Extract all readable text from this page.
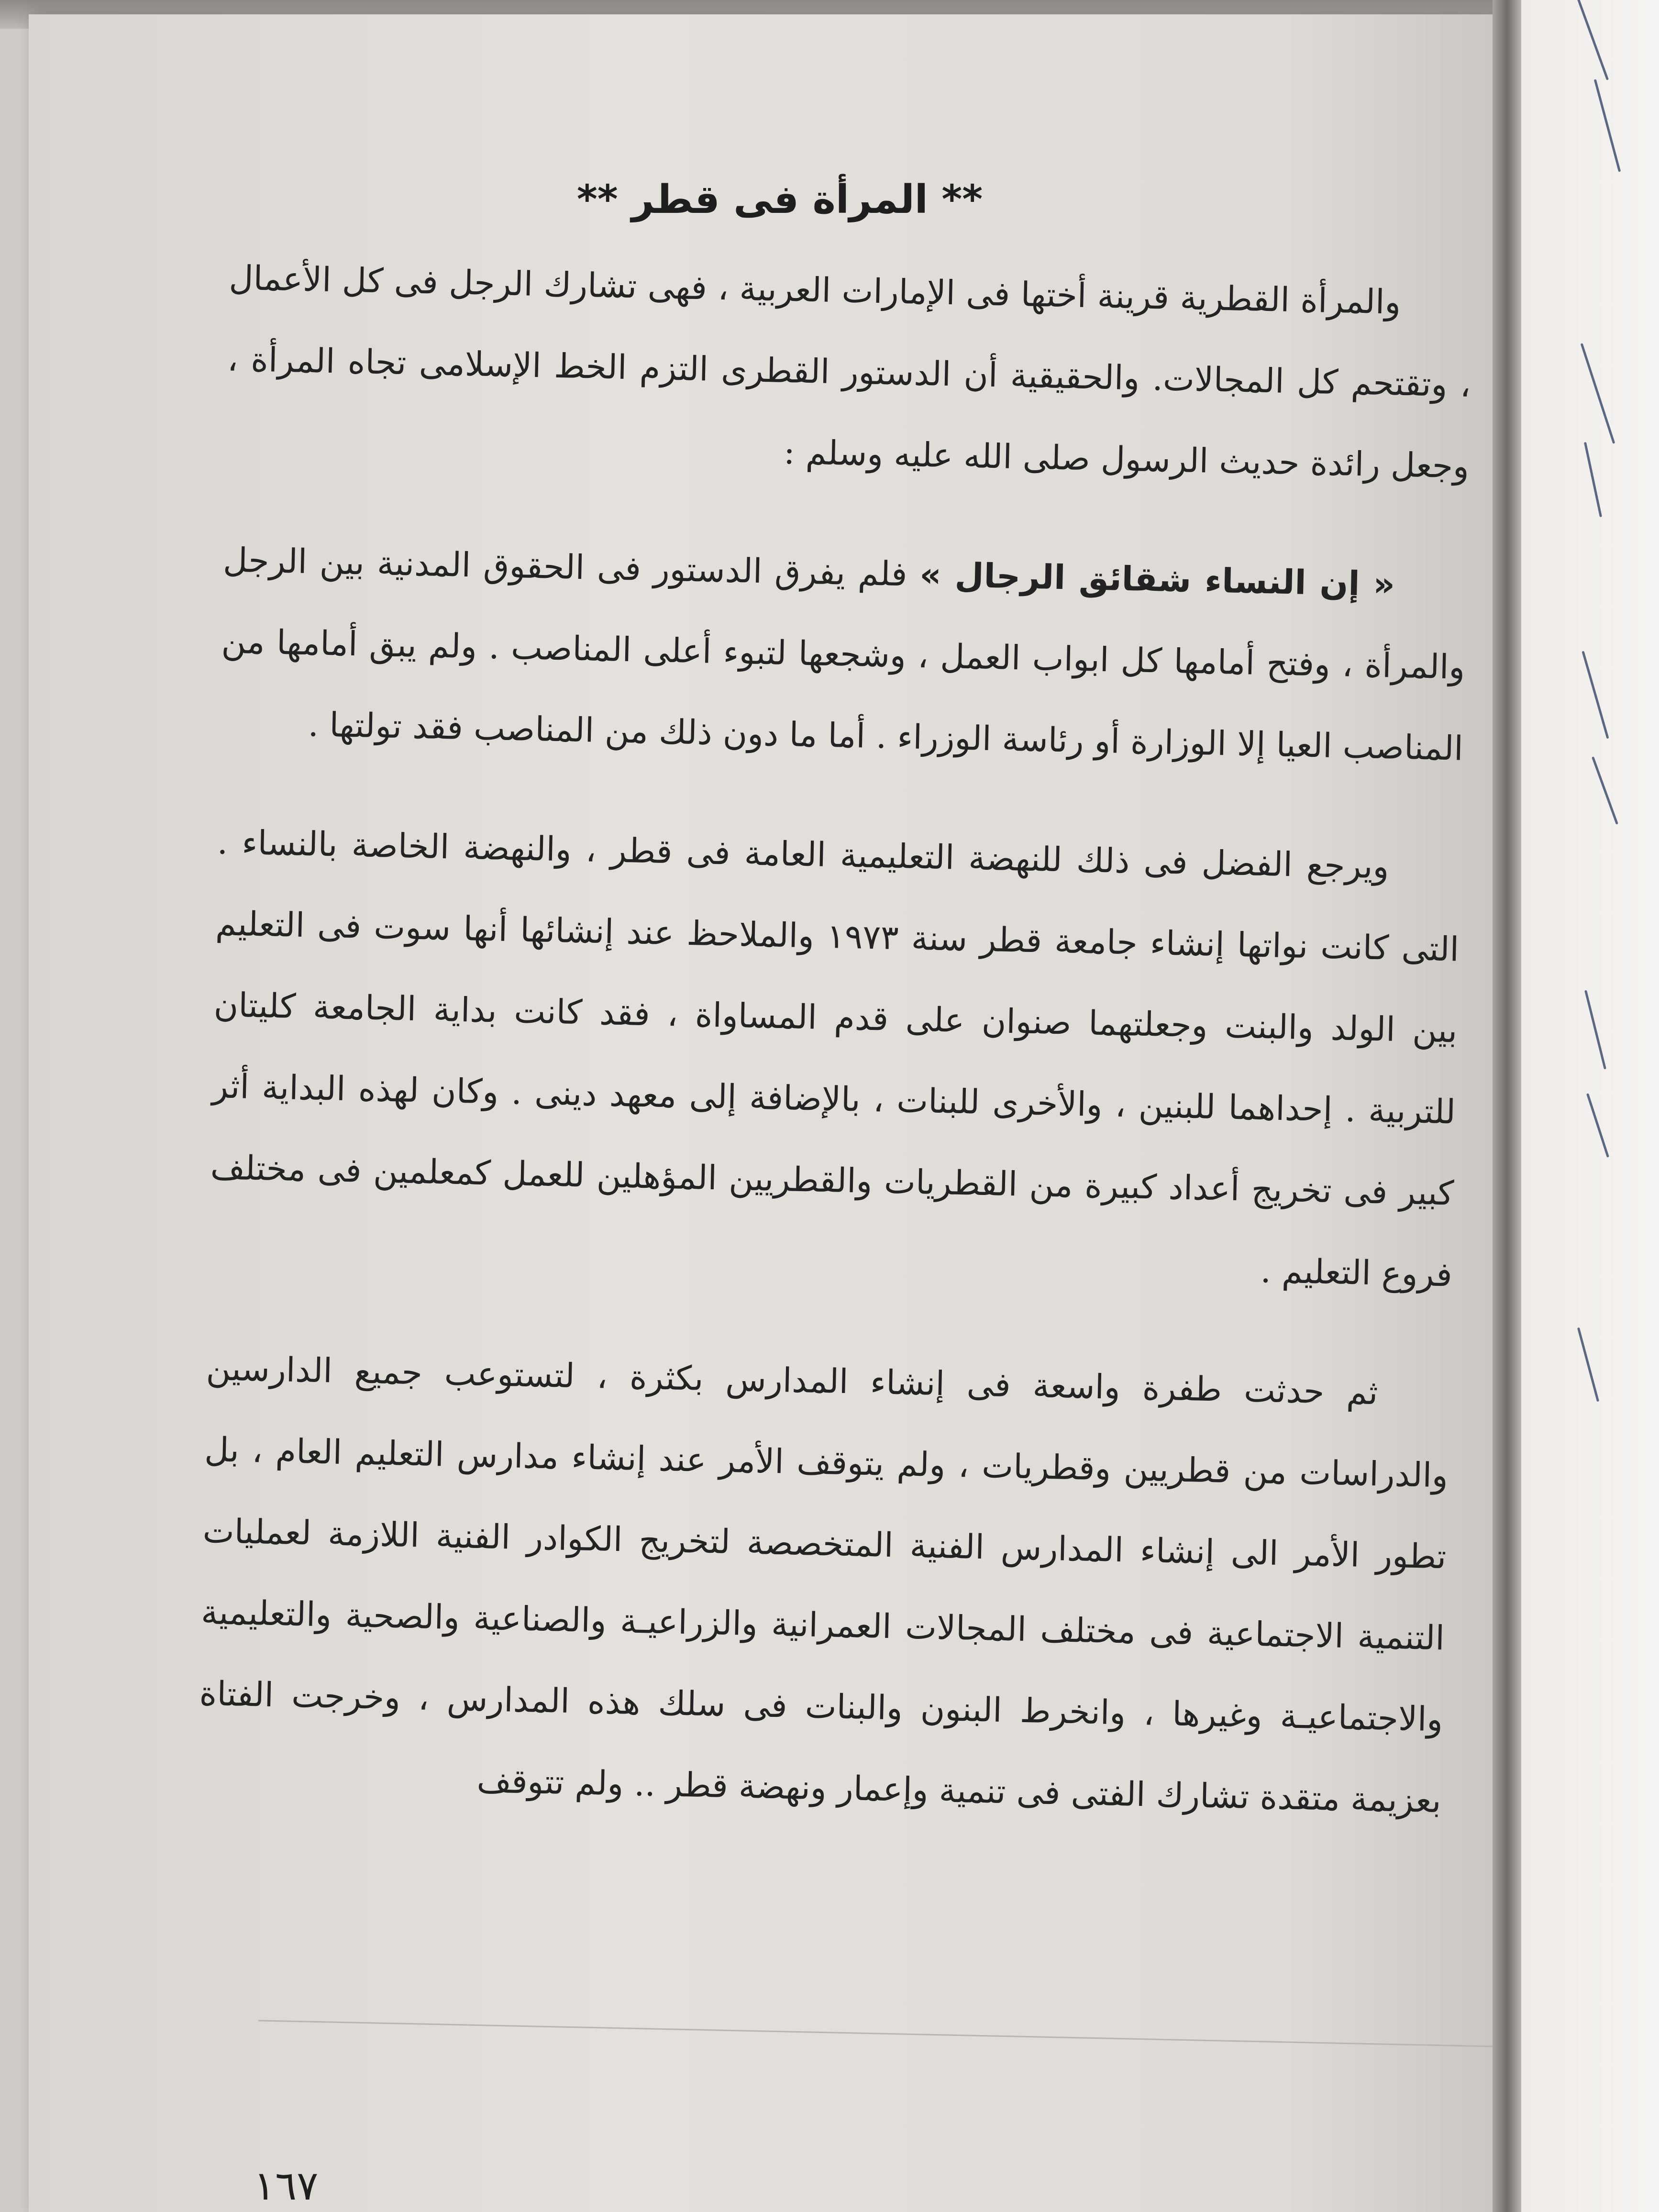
** المرأة فى قطر **

والمرأة القطرية قرينة أختها فى الإمارات العربية ، فهى تشارك الرجل فى كل الأعمال ، وتقتحم كل المجالات. والحقيقية أن الدستور القطرى التزم الخط الإسلامى تجاه المرأة ، وجعل رائدة حديث الرسول صلى الله عليه وسلم :

« إن النساء شقائق الرجال » فلم يفرق الدستور فى الحقوق المدنية بين الرجل والمرأة ، وفتح أمامها كل ابواب العمل ، وشجعها لتبوء أعلى المناصب . ولم يبق أمامها من المناصب العيا إلا الوزارة أو رئاسة الوزراء . أما ما دون ذلك من المناصب فقد تولتها .

ويرجع الفضل فى ذلك للنهضة التعليمية العامة فى قطر ، والنهضة الخاصة بالنساء . التى كانت نواتها إنشاء جامعة قطر سنة ١٩٧٣ والملاحظ عند إنشائها أنها سوت فى التعليم بين الولد والبنت وجعلتهما صنوان على قدم المساواة ، فقد كانت بداية الجامعة كليتان للتربية . إحداهما للبنين ، والأخرى للبنات ، بالإضافة إلى معهد دينى . وكان لهذه البداية أثر كبير فى تخريج أعداد كبيرة من القطريات والقطريين المؤهلين للعمل كمعلمين فى مختلف فروع التعليم .

ثم حدثت طفرة واسعة فى إنشاء المدارس بكثرة ، لتستوعب جميع الدارسين والدراسات من قطريين وقطريات ، ولم يتوقف الأمر عند إنشاء مدارس التعليم العام ، بل تطور الأمر الى إنشاء المدارس الفنية المتخصصة لتخريج الكوادر الفنية اللازمة لعمليات التنمية الاجتماعية فى مختلف المجالات العمرانية والزراعيـة والصناعية والصحية والتعليمية والاجتماعيـة وغيرها ، وانخرط البنون والبنات فى سلك هذه المدارس ، وخرجت الفتاة بعزيمة متقدة تشارك الفتى فى تنمية وإعمار ونهضة قطر .. ولم تتوقف

١٦٧
